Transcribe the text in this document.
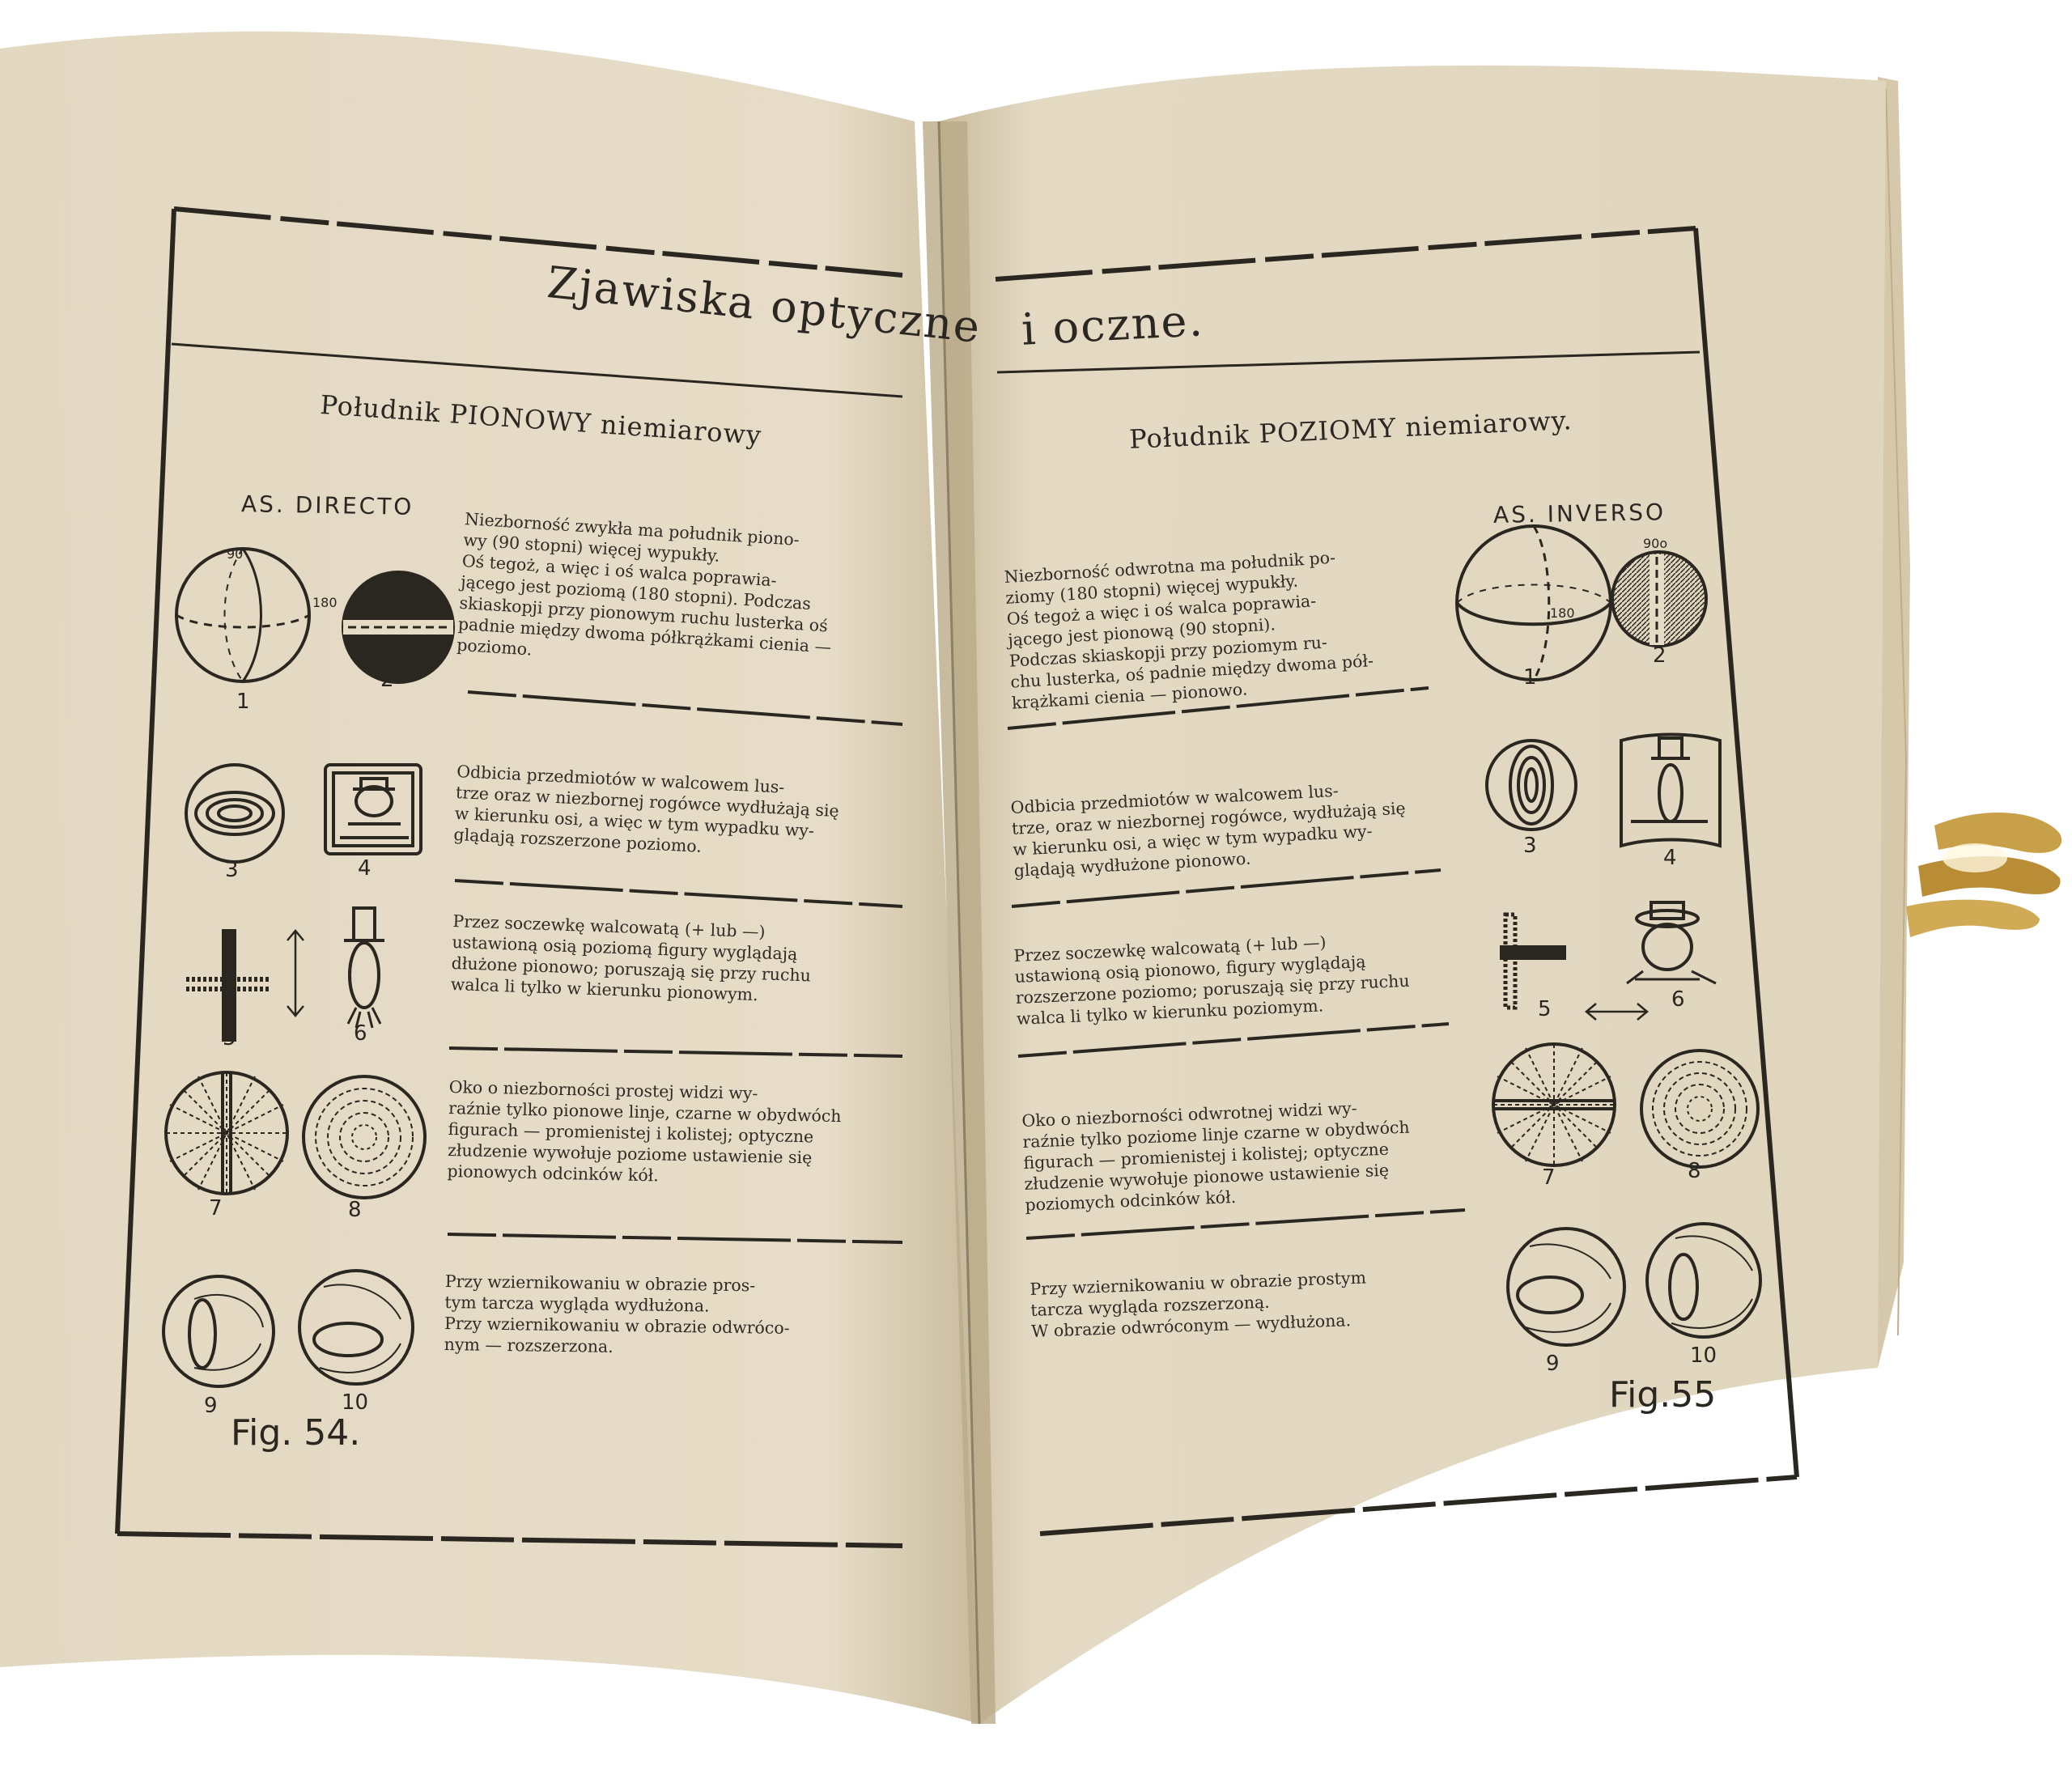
Zjawiska optyczne
Południk PIONOWY niemiarowy
AS. DIRECTO
90
180
Niezborność zwykła ma południk piono-
wy (90 stopni) więcej wypukły.
Oś tegoż, a więc i oś walca poprawia-
jącego jest poziomą (180 stopni). Podczas
skiaskopji przy pionowym ruchu lusterka oś
padnie między dwoma półkrążkami cienia —
poziomo.
Odbicia przedmiotów w walcowem lus-
trze oraz w niezbornej rogówce wydłużają się
w kierunku osi, a więc w tym wypadku wy-
glądają rozszerzone poziomo.
Przez soczewkę walcowatą (+ lub —)
ustawioną osią poziomą figury wyglądają
dłużone pionowo; poruszają się przy ruchu
walca li tylko w kierunku pionowym.
Oko o niezborności prostej widzi wy-
raźnie tylko pionowe linje, czarne w obydwóch
figurach — promienistej i kolistej; optyczne
złudzenie wywołuje poziome ustawienie się
pionowych odcinków kół.
Przy wziernikowaniu w obrazie pros-
tym tarcza wygląda wydłużona.
Przy wziernikowaniu w obrazie odwróco-
nym — rozszerzona.
1
2
3	4
5	6
7	8
9	10
Fig. 54.
i oczne.
Południk POZIOMY niemiarowy.
AS. INVERSO
90o
180
Niezborność odwrotna ma południk po-
ziomy (180 stopni) więcej wypukły.
Oś tegoż a więc i oś walca poprawia-
jącego jest pionową (90 stopni).
Podczas skiaskopji przy poziomym ru-
chu lusterka, oś padnie między dwoma pół-
krążkami cienia — pionowo.
Odbicia przedmiotów w walcowem lus-
trze, oraz w niezbornej rogówce, wydłużają się
w kierunku osi, a więc w tym wypadku wy-
glądają wydłużone pionowo.
Przez soczewkę walcowatą (+ lub —)
ustawioną osią pionowo, figury wyglądają
rozszerzone poziomo; poruszają się przy ruchu
walca li tylko w kierunku poziomym.
Oko o niezborności odwrotnej widzi wy-
raźnie tylko poziome linje czarne w obydwóch
figurach — promienistej i kolistej; optyczne
złudzenie wywołuje pionowe ustawienie się
poziomych odcinków kół.
Przy wziernikowaniu w obrazie prostym
tarcza wygląda rozszerzoną.
W obrazie odwróconym — wydłużona.
1
2
3	4
5	6
7	8
9	10
Fig.55
